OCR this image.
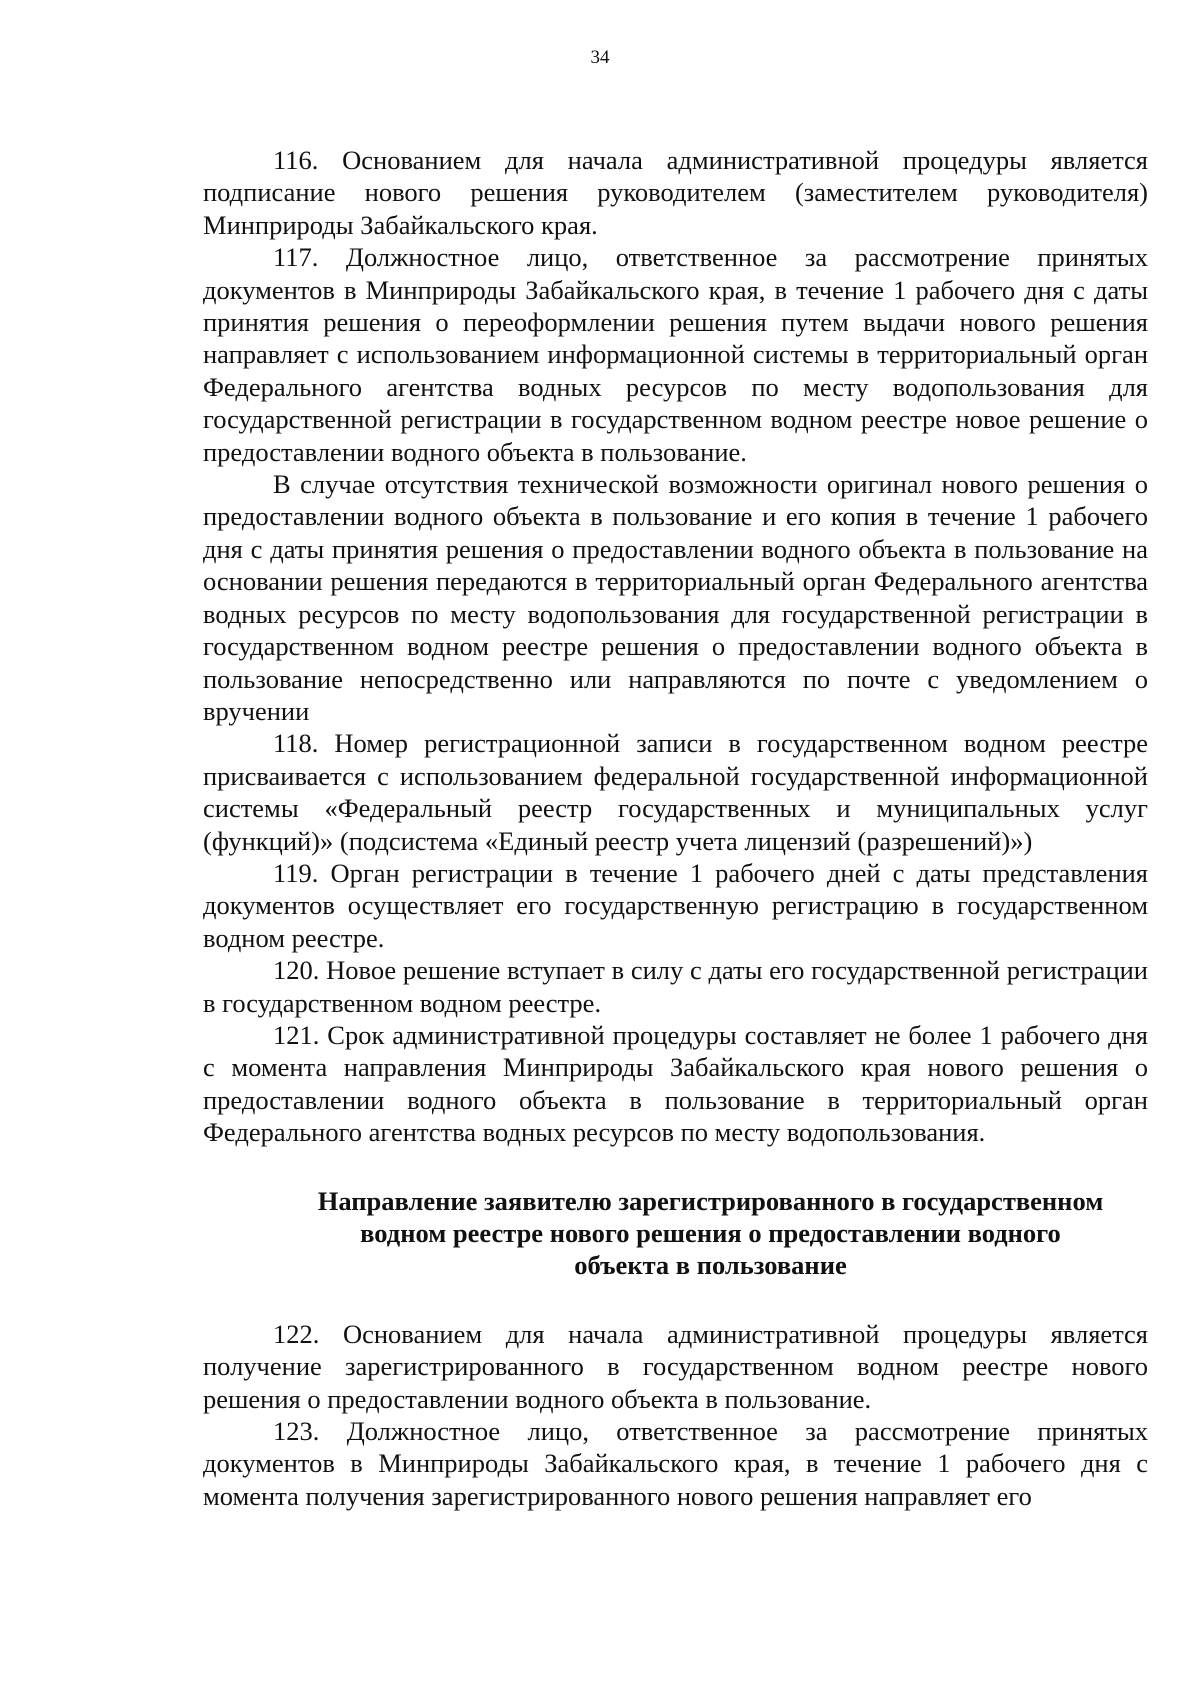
34

116. Основанием для начала административной процедуры является подписание нового решения руководителем (заместителем руководителя) Минприроды Забайкальского края.

117. Должностное лицо, ответственное за рассмотрение принятых документов в Минприроды Забайкальского края, в течение 1 рабочего дня с даты принятия решения о переоформлении решения путем выдачи нового решения направляет с использованием информационной системы в территориальный орган Федерального агентства водных ресурсов по месту водопользования для государственной регистрации в государственном водном реестре новое решение о предоставлении водного объекта в пользование.

В случае отсутствия технической возможности оригинал нового решения о предоставлении водного объекта в пользование и его копия в течение 1 рабочего дня с даты принятия решения о предоставлении водного объекта в пользование на основании решения передаются в территориальный орган Федерального агентства водных ресурсов по месту водопользования для государственной регистрации в государственном водном реестре решения о предоставлении водного объекта в пользование непосредственно или направляются по почте с уведомлением о вручении

118. Номер регистрационной записи в государственном водном реестре присваивается с использованием федеральной государственной информационной системы «Федеральный реестр государственных и муниципальных услуг (функций)» (подсистема «Единый реестр учета лицензий (разрешений)»)

119. Орган регистрации в течение 1 рабочего дней с даты представления документов осуществляет его государственную регистрацию в государственном водном реестре.

120. Новое решение вступает в силу с даты его государственной регистрации в государственном водном реестре.

121. Срок административной процедуры составляет не более 1 рабочего дня с момента направления Минприроды Забайкальского края нового решения о предоставлении водного объекта в пользование в территориальный орган Федерального агентства водных ресурсов по месту водопользования.

Направление заявителю зарегистрированного в государственном
водном реестре нового решения о предоставлении водного
объекта в пользование

122. Основанием для начала административной процедуры является получение зарегистрированного в государственном водном реестре нового решения о предоставлении водного объекта в пользование.

123. Должностное лицо, ответственное за рассмотрение принятых документов в Минприроды Забайкальского края, в течение 1 рабочего дня с момента получения зарегистрированного нового решения направляет его
